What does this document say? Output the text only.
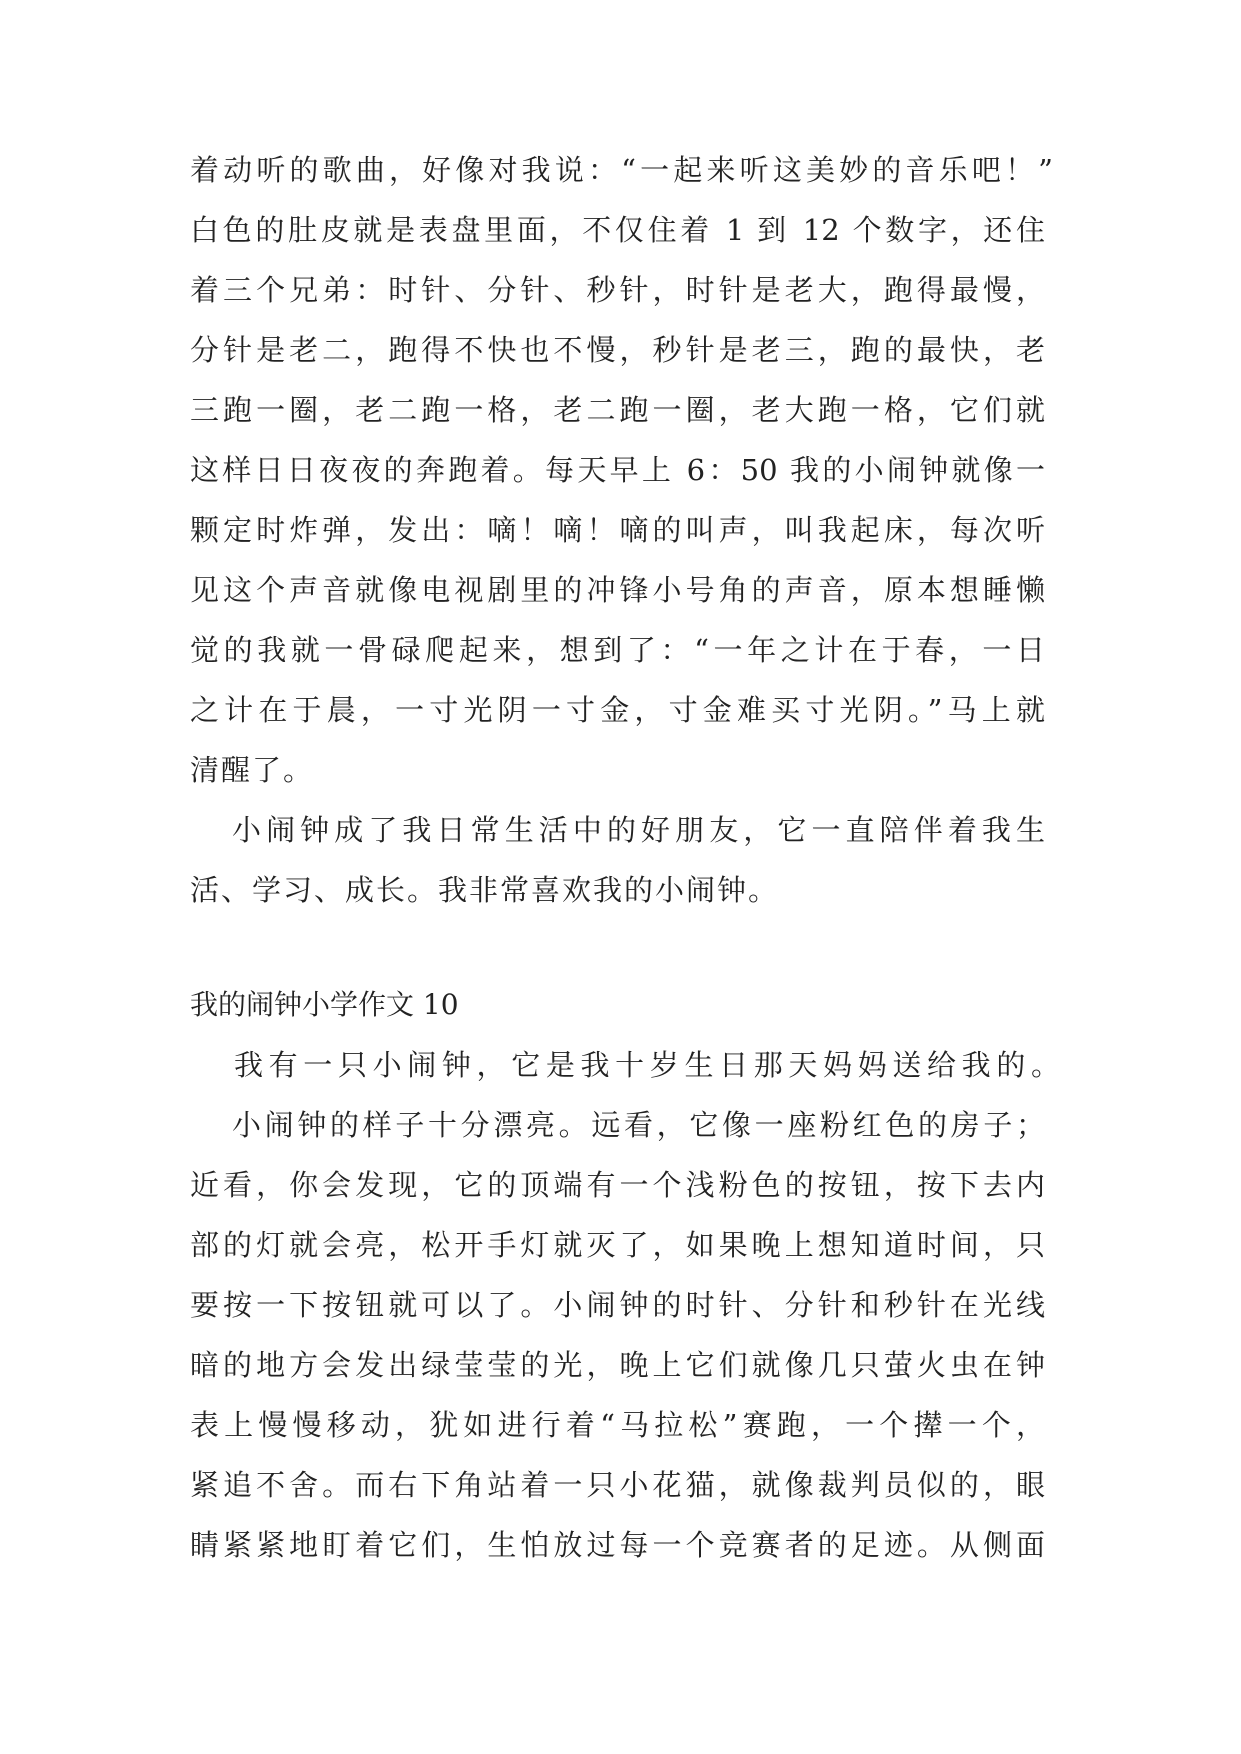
着动听的歌曲，好像对我说：“一起来听这美妙的音乐吧！”
白色的肚皮就是表盘里面，不仅住着 1 到 12 个数字，还住
着三个兄弟：时针、分针、秒针，时针是老大，跑得最慢，
分针是老二，跑得不快也不慢，秒针是老三，跑的最快，老
三跑一圈，老二跑一格，老二跑一圈，老大跑一格，它们就
这样日日夜夜的奔跑着。每天早上 6：50 我的小闹钟就像一
颗定时炸弹，发出：嘀！嘀！嘀的叫声，叫我起床，每次听
见这个声音就像电视剧里的冲锋小号角的声音，原本想睡懒
觉的我就一骨碌爬起来，想到了：“一年之计在于春，一日
之计在于晨，一寸光阴一寸金，寸金难买寸光阴。”马上就
清醒了。
小闹钟成了我日常生活中的好朋友，它一直陪伴着我生
活、学习、成长。我非常喜欢我的小闹钟。
我的闹钟小学作文 10
我有一只小闹钟，它是我十岁生日那天妈妈送给我的。
小闹钟的样子十分漂亮。远看，它像一座粉红色的房子；
近看，你会发现，它的顶端有一个浅粉色的按钮，按下去内
部的灯就会亮，松开手灯就灭了，如果晚上想知道时间，只
要按一下按钮就可以了。小闹钟的时针、分针和秒针在光线
暗的地方会发出绿莹莹的光，晚上它们就像几只萤火虫在钟
表上慢慢移动，犹如进行着“马拉松”赛跑，一个撵一个，
紧追不舍。而右下角站着一只小花猫，就像裁判员似的，眼
睛紧紧地盯着它们，生怕放过每一个竞赛者的足迹。从侧面
